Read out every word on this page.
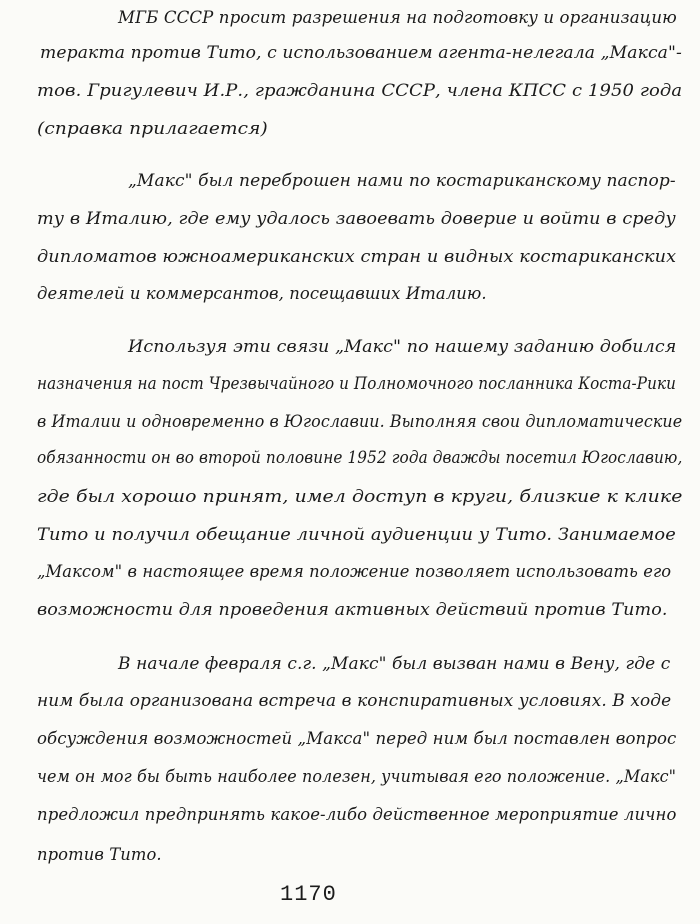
МГБ СССР просит разрешения на подготовку и организацию
теракта против Тито, с использованием агента-нелегала „Макса"-
тов. Григулевич И.Р., гражданина СССР, члена КПСС с 1950 года
(справка прилагается)
„Макс" был переброшен нами по костариканскому паспор-
ту в Италию, где ему удалось завоевать доверие и войти в среду
дипломатов южноамериканских стран и видных костариканских
деятелей и коммерсантов, посещавших Италию.
Используя эти связи „Макс" по нашему заданию добился
назначения на пост Чрезвычайного и Полномочного посланника Коста-Рики
в Италии и одновременно в Югославии. Выполняя свои дипломатические
обязанности он во второй половине 1952 года дважды посетил Югославию,
где был хорошо принят, имел доступ в круги, близкие к клике
Тито и получил обещание личной аудиенции у Тито. Занимаемое
„Максом" в настоящее время положение позволяет использовать его
возможности для проведения активных действий против Тито.
В начале февраля с.г. „Макс" был вызван нами в Вену, где с
ним была организована встреча в конспиративных условиях. В ходе
обсуждения возможностей „Макса" перед ним был поставлен вопрос
чем он мог бы быть наиболее полезен, учитывая его положение. „Макс"
предложил предпринять какое-либо действенное мероприятие лично
против Тито.
1170
